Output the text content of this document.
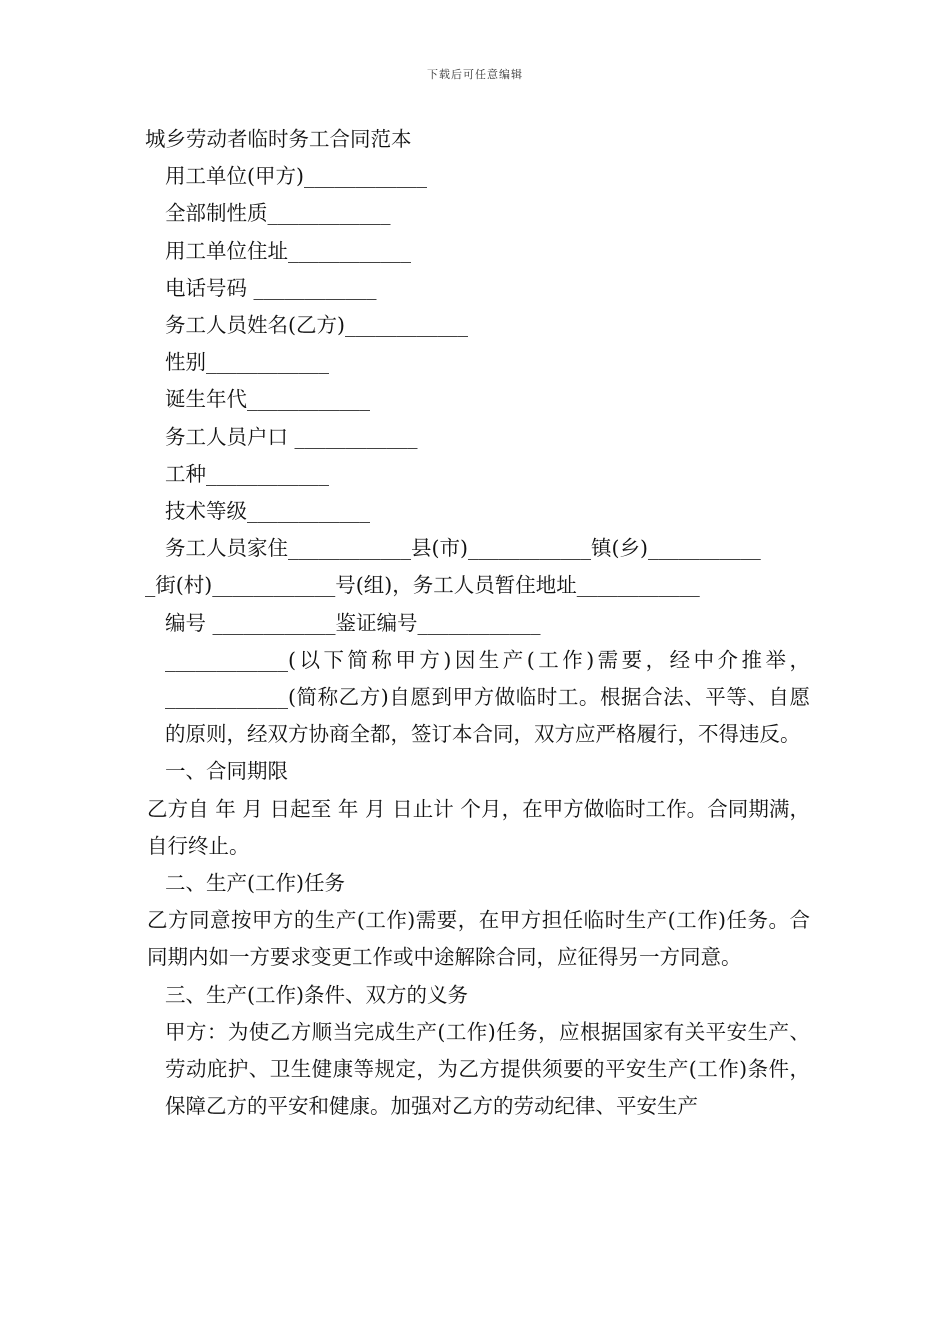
下载后可任意编辑

城乡劳动者临时务工合同范本

用工单位(甲方)____________

全部制性质____________

用工单位住址____________

电话号码 ____________

务工人员姓名(乙方)____________

性别____________

诞生年代____________

务工人员户口 ____________

工种____________

技术等级____________

务工人员家住____________县(市)____________镇(乡)___________

_街(村)____________号(组)，务工人员暂住地址____________

编号 ____________鉴证编号____________

____________(以下简称甲方)因生产(工作)需要，经中介推举，____________(简称乙方)自愿到甲方做临时工。根据合法、平等、自愿的原则，经双方协商全都，签订本合同，双方应严格履行，不得违反。

一、合同期限

乙方自 年 月 日起至 年 月 日止计 个月，在甲方做临时工作。合同期满，自行终止。

二、生产(工作)任务

乙方同意按甲方的生产(工作)需要，在甲方担任临时生产(工作)任务。合同期内如一方要求变更工作或中途解除合同，应征得另一方同意。

三、生产(工作)条件、双方的义务

甲方：为使乙方顺当完成生产(工作)任务，应根据国家有关平安生产、劳动庇护、卫生健康等规定，为乙方提供须要的平安生产(工作)条件，保障乙方的平安和健康。加强对乙方的劳动纪律、平安生产
